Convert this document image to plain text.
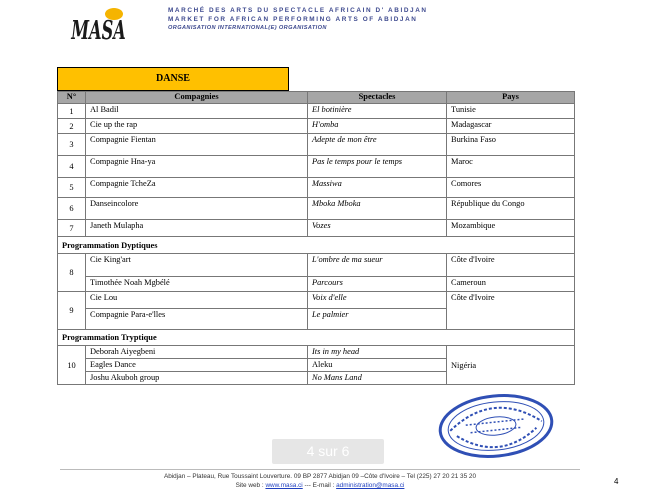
MASA
MARCHÉ DES ARTS DU SPECTACLE AFRICAIN D' ABIDJAN
MARKET FOR AFRICAN PERFORMING ARTS OF ABIDJAN
ORGANISATION INTERNATIONAL(E) ORGANISATION
DANSE
N°	Compagnies	Spectacles	Pays
1	Al Badil	El botinière	Tunisie
2	Cie up the rap	H'omba	Madagascar
3	Compagnie Fientan	Adepte de mon être	Burkina Faso
4	Compagnie Hna-ya	Pas le temps pour le temps	Maroc
5	Compagnie TcheZa	Massiwa	Comores
6	Danseincolore	Mboka Mboka	République du Congo
7	Janeth Mulapha	Vozes	Mozambique
Programmation Dyptiques			
8	Cie King'art	L'ombre de ma sueur	Côte d'Ivoire
	Timothée Noah Mgbélé	Parcours	Cameroun
9	Cie Lou	Voix d'elle	Côte d'Ivoire
	Compagnie Para-e'lles	Le palmier	
Programmation Tryptique			
10	Deborah Aiyegbeni	Its in my head	Nigéria
	Eagles Dance	Aleku	
	Joshu Akuboh group	No Mans Land	
4 sur 6
Abidjan – Plateau, Rue Toussaint Louverture. 09 BP 2877 Abidjan 09 –Côte d'Ivoire – Tel (225) 27 20 21 35 20
Site web : www.masa.ci --- E-mail : administration@masa.ci	4
